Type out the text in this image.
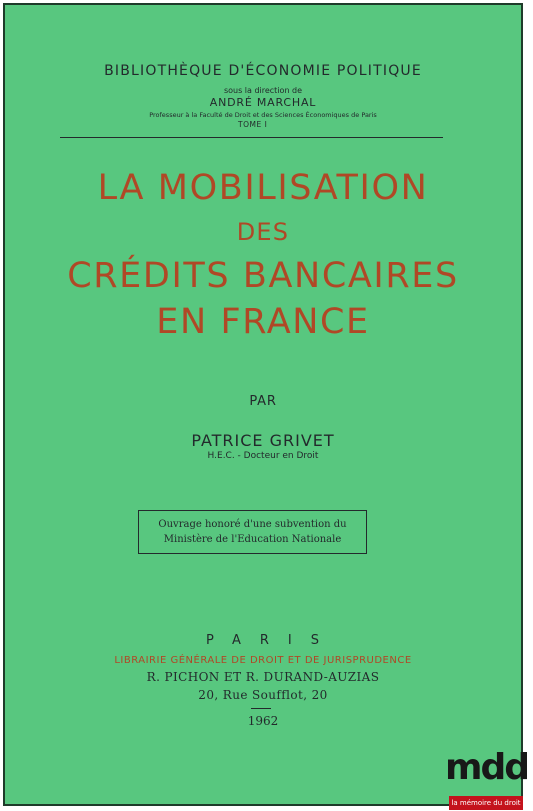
BIBLIOTHÈQUE D'ÉCONOMIE POLITIQUE
sous la direction de
ANDRÉ MARCHAL
Professeur à la Faculté de Droit et des Sciences Économiques de Paris
TOME I
LA MOBILISATION
DES
CRÉDITS BANCAIRES
EN FRANCE
PAR
PATRICE GRIVET
H.E.C. - Docteur en Droit
Ouvrage honoré d'une subvention du
Ministère de l'Education Nationale
PARIS
LIBRAIRIE GÉNÉRALE DE DROIT ET DE JURISPRUDENCE
R. PICHON ET R. DURAND-AUZIAS
20, Rue Soufflot, 20
1962
mdd
la mémoire du droit
